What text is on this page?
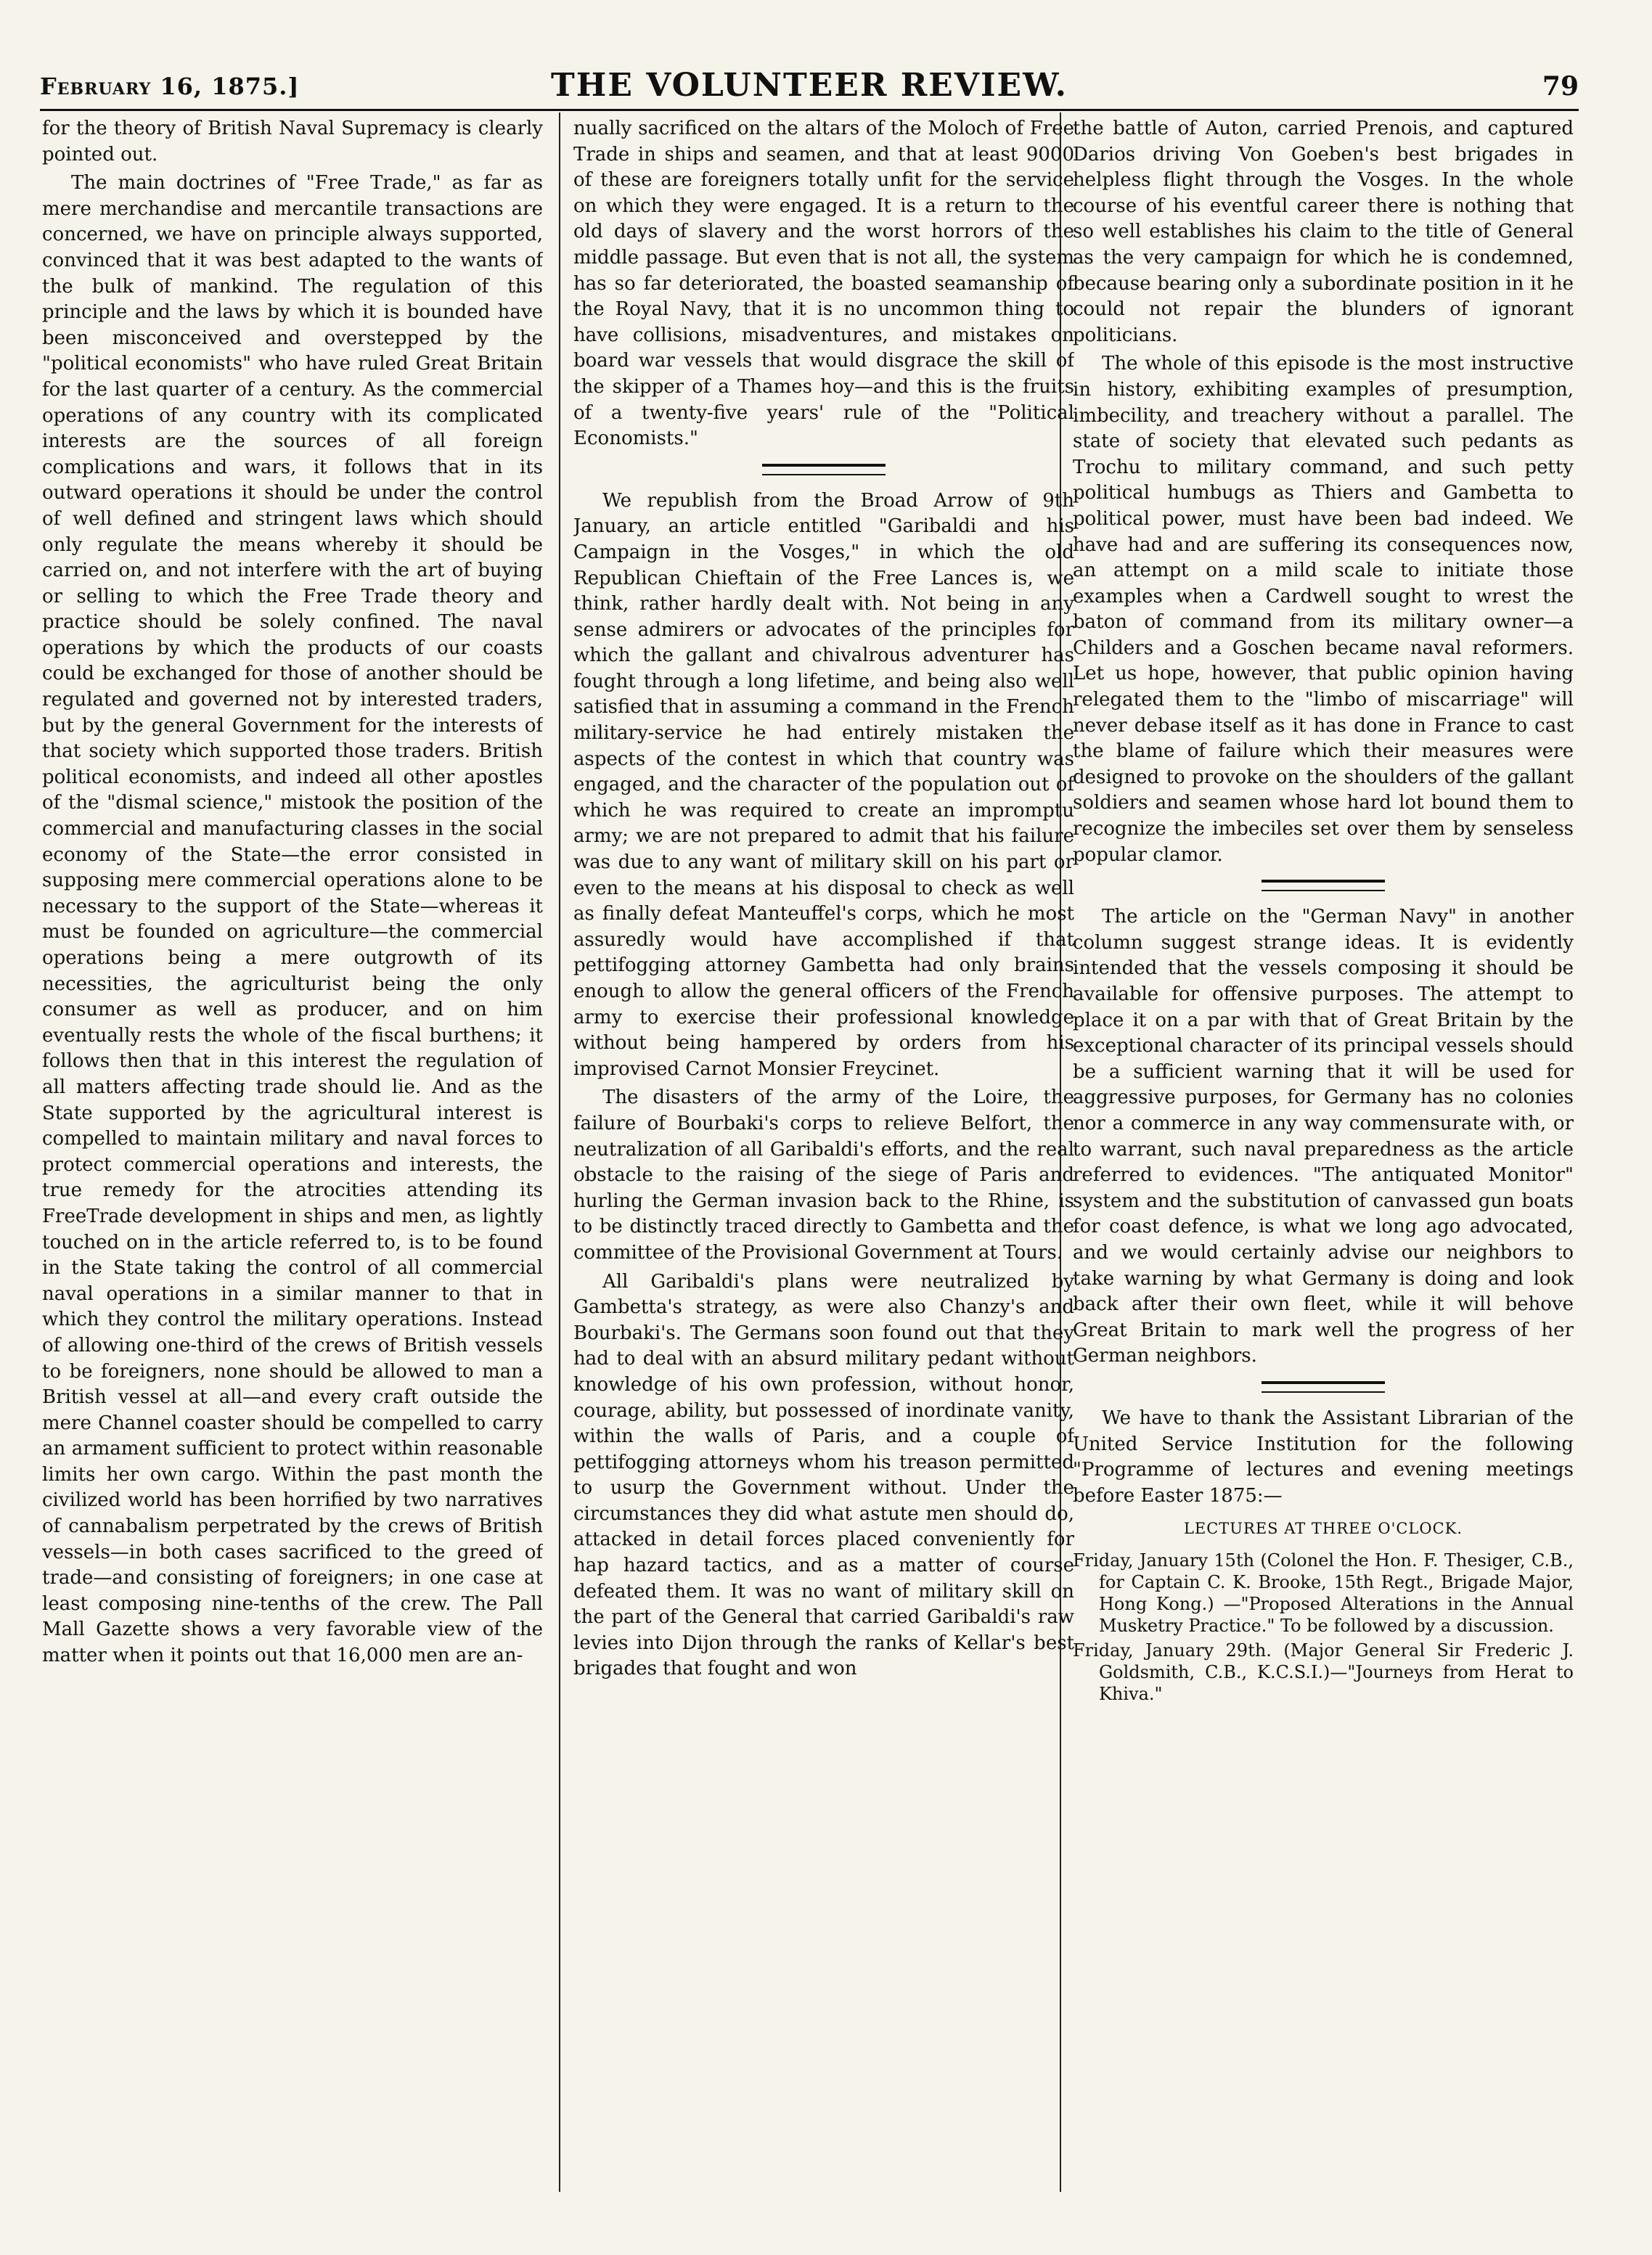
February 16, 1875.]	THE VOLUNTEER REVIEW.	79

for the theory of British Naval Supremacy is clearly pointed out.

The main doctrines of "Free Trade," as far as mere merchandise and mercantile transactions are concerned, we have on principle always supported, convinced that it was best adapted to the wants of the bulk of mankind. The regulation of this principle and the laws by which it is bounded have been misconceived and overstepped by the "political economists" who have ruled Great Britain for the last quarter of a century. As the commercial operations of any country with its complicated interests are the sources of all foreign complications and wars, it follows that in its outward operations it should be under the control of well defined and stringent laws which should only regulate the means whereby it should be carried on, and not interfere with the art of buying or selling to which the Free Trade theory and practice should be solely confined. The naval operations by which the products of our coasts could be exchanged for those of another should be regulated and governed not by interested traders, but by the general Government for the interests of that society which supported those traders. British political economists, and indeed all other apostles of the "dismal science," mistook the position of the commercial and manufacturing classes in the social economy of the State—the error consisted in supposing mere commercial operations alone to be necessary to the support of the State—whereas it must be founded on agriculture—the commercial operations being a mere outgrowth of its necessities, the agriculturist being the only consumer as well as producer, and on him eventually rests the whole of the fiscal burthens; it follows then that in this interest the regulation of all matters affecting trade should lie. And as the State supported by the agricultural interest is compelled to maintain military and naval forces to protect commercial operations and interests, the true remedy for the atrocities attending its FreeTrade development in ships and men, as lightly touched on in the article referred to, is to be found in the State taking the control of all commercial naval operations in a similar manner to that in which they control the military operations. Instead of allowing one-third of the crews of British vessels to be foreigners, none should be allowed to man a British vessel at all—and every craft outside the mere Channel coaster should be compelled to carry an armament sufficient to protect within reasonable limits her own cargo. Within the past month the civilized world has been horrified by two narratives of cannabalism perpetrated by the crews of British vessels—in both cases sacrificed to the greed of trade—and consisting of foreigners; in one case at least composing nine-tenths of the crew. The Pall Mall Gazette shows a very favorable view of the matter when it points out that 16,000 men are an-

nually sacrificed on the altars of the Moloch of Free Trade in ships and seamen, and that at least 9000 of these are foreigners totally unfit for the service on which they were engaged. It is a return to the old days of slavery and the worst horrors of the middle passage. But even that is not all, the system has so far deteriorated, the boasted seamanship of the Royal Navy, that it is no uncommon thing to have collisions, misadventures, and mistakes on board war vessels that would disgrace the skill of the skipper of a Thames hoy—and this is the fruits of a twenty-five years' rule of the "Political Economists."

We republish from the Broad Arrow of 9th January, an article entitled "Garibaldi and his Campaign in the Vosges," in which the old Republican Chieftain of the Free Lances is, we think, rather hardly dealt with. Not being in any sense admirers or advocates of the principles for which the gallant and chivalrous adventurer has fought through a long lifetime, and being also well satisfied that in assuming a command in the French military-service he had entirely mistaken the aspects of the contest in which that country was engaged, and the character of the population out of which he was required to create an impromptu army; we are not prepared to admit that his failure was due to any want of military skill on his part or even to the means at his disposal to check as well as finally defeat Manteuffel's corps, which he most assuredly would have accomplished if that pettifogging attorney Gambetta had only brains enough to allow the general officers of the French army to exercise their professional knowledge without being hampered by orders from his improvised Carnot Monsier Freycinet.

The disasters of the army of the Loire, the failure of Bourbaki's corps to relieve Belfort, the neutralization of all Garibaldi's efforts, and the real obstacle to the raising of the siege of Paris and hurling the German invasion back to the Rhine, is to be distinctly traced directly to Gambetta and the committee of the Provisional Government at Tours.

All Garibaldi's plans were neutralized by Gambetta's strategy, as were also Chanzy's and Bourbaki's. The Germans soon found out that they had to deal with an absurd military pedant without knowledge of his own profession, without honor, courage, ability, but possessed of inordinate vanity, within the walls of Paris, and a couple of pettifogging attorneys whom his treason permitted to usurp the Government without. Under the circumstances they did what astute men should do, attacked in detail forces placed conveniently for hap hazard tactics, and as a matter of course defeated them. It was no want of military skill on the part of the General that carried Garibaldi's raw levies into Dijon through the ranks of Kellar's best brigades that fought and won

the battle of Auton, carried Prenois, and captured Darios driving Von Goeben's best brigades in helpless flight through the Vosges. In the whole course of his eventful career there is nothing that so well establishes his claim to the title of General as the very campaign for which he is condemned, because bearing only a subordinate position in it he could not repair the blunders of ignorant politicians.

The whole of this episode is the most instructive in history, exhibiting examples of presumption, imbecility, and treachery without a parallel. The state of society that elevated such pedants as Trochu to military command, and such petty political humbugs as Thiers and Gambetta to political power, must have been bad indeed. We have had and are suffering its consequences now, an attempt on a mild scale to initiate those examples when a Cardwell sought to wrest the baton of command from its military owner—a Childers and a Goschen became naval reformers. Let us hope, however, that public opinion having relegated them to the "limbo of miscarriage" will never debase itself as it has done in France to cast the blame of failure which their measures were designed to provoke on the shoulders of the gallant soldiers and seamen whose hard lot bound them to recognize the imbeciles set over them by senseless popular clamor.

The article on the "German Navy" in another column suggest strange ideas. It is evidently intended that the vessels composing it should be available for offensive purposes. The attempt to place it on a par with that of Great Britain by the exceptional character of its principal vessels should be a sufficient warning that it will be used for aggressive purposes, for Germany has no colonies nor a commerce in any way commensurate with, or to warrant, such naval preparedness as the article referred to evidences. "The antiquated Monitor" system and the substitution of canvassed gun boats for coast defence, is what we long ago advocated, and we would certainly advise our neighbors to take warning by what Germany is doing and look back after their own fleet, while it will behove Great Britain to mark well the progress of her German neighbors.

We have to thank the Assistant Librarian of the United Service Institution for the following "Programme of lectures and evening meetings before Easter 1875:—

LECTURES AT THREE O'CLOCK.

Friday, January 15th (Colonel the Hon. F. Thesiger, C.B., for Captain C. K. Brooke, 15th Regt., Brigade Major, Hong Kong.) —"Proposed Alterations in the Annual Musketry Practice." To be followed by a discussion.

Friday, January 29th. (Major General Sir Frederic J. Goldsmith, C.B., K.C.S.I.)—"Journeys from Herat to Khiva."
